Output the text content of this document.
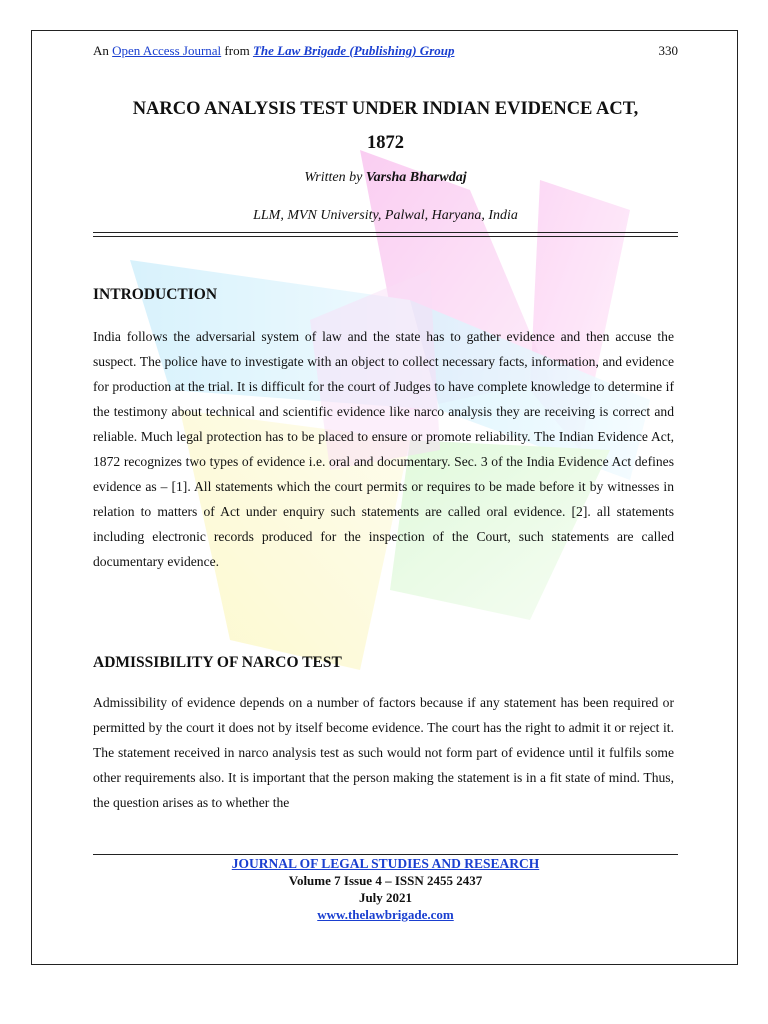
An Open Access Journal from The Law Brigade (Publishing) Group	330
NARCO ANALYSIS TEST UNDER INDIAN EVIDENCE ACT,
1872
Written by Varsha Bharwdaj
LLM, MVN University, Palwal, Haryana, India
INTRODUCTION

India follows the adversarial system of law and the state has to gather evidence and then accuse the suspect. The police have to investigate with an object to collect necessary facts, information, and evidence for production at the trial. It is difficult for the court of Judges to have complete knowledge to determine if the testimony about technical and scientific evidence like narco analysis they are receiving is correct and reliable. Much legal protection has to be placed to ensure or promote reliability. The Indian Evidence Act, 1872 recognizes two types of evidence i.e. oral and documentary. Sec. 3 of the India Evidence Act defines evidence as – [1]. All statements which the court permits or requires to be made before it by witnesses in relation to matters of Act under enquiry such statements are called oral evidence. [2]. all statements including electronic records produced for the inspection of the Court, such statements are called documentary evidence.

ADMISSIBILITY OF NARCO TEST

Admissibility of evidence depends on a number of factors because if any statement has been required or permitted by the court it does not by itself become evidence. The court has the right to admit it or reject it. The statement received in narco analysis test as such would not form part of evidence until it fulfils some other requirements also. It is important that the person making the statement is in a fit state of mind. Thus, the question arises as to whether the

JOURNAL OF LEGAL STUDIES AND RESEARCH
Volume 7 Issue 4 – ISSN 2455 2437
July 2021
www.thelawbrigade.com
